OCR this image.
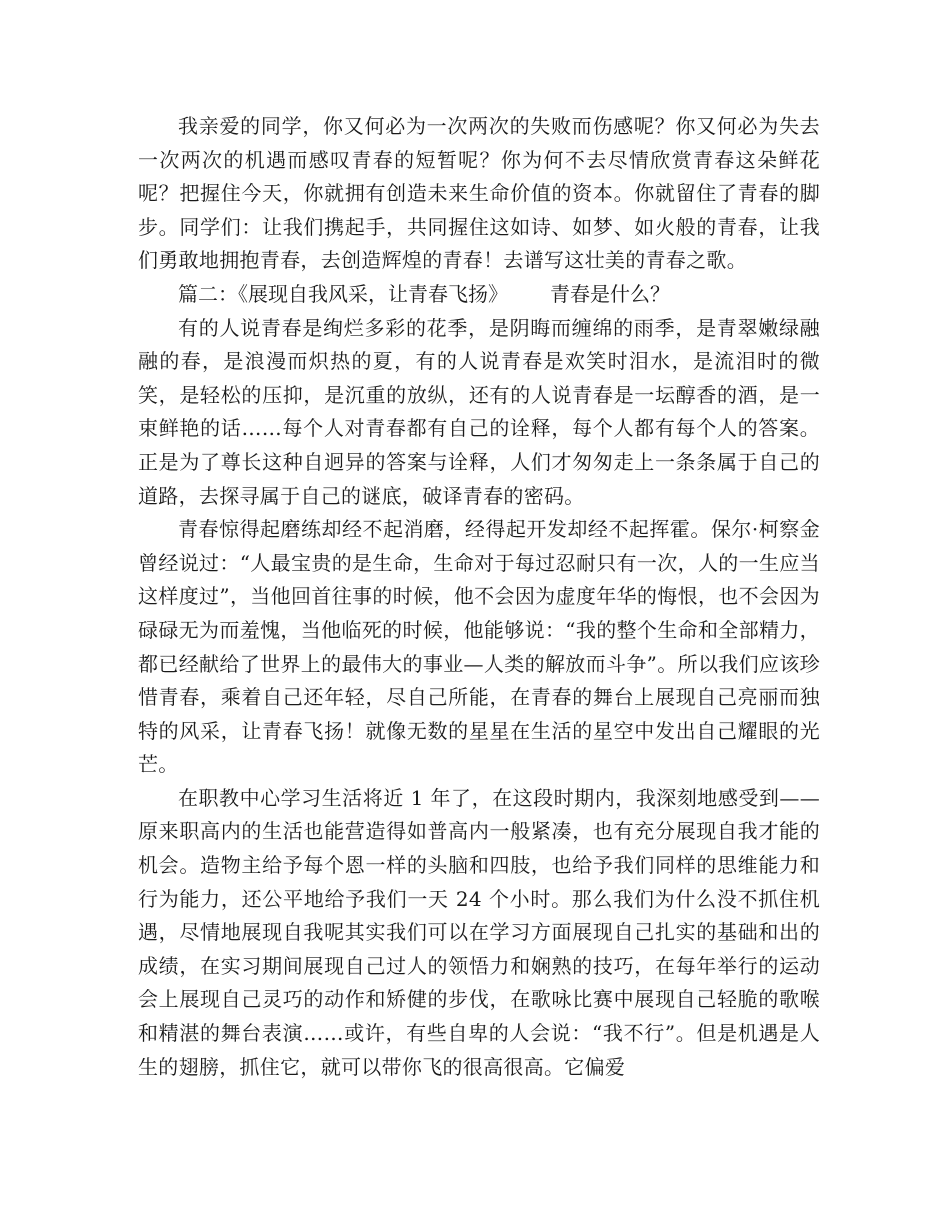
我亲爱的同学，你又何必为一次两次的失败而伤感呢？你又何必为失去一次两次的机遇而感叹青春的短暂呢？你为何不去尽情欣赏青春这朵鲜花呢？把握住今天，你就拥有创造未来生命价值的资本。你就留住了青春的脚步。同学们：让我们携起手，共同握住这如诗、如梦、如火般的青春，让我们勇敢地拥抱青春，去创造辉煌的青春！去谱写这壮美的青春之歌。

篇二：《展现自我风采，让青春飞扬》 青春是什么？

有的人说青春是绚烂多彩的花季，是阴晦而缠绵的雨季，是青翠嫩绿融融的春，是浪漫而炽热的夏，有的人说青春是欢笑时泪水，是流泪时的微笑，是轻松的压抑，是沉重的放纵，还有的人说青春是一坛醇香的酒，是一束鲜艳的话……每个人对青春都有自己的诠释，每个人都有每个人的答案。正是为了尊长这种自迥异的答案与诠释，人们才匆匆走上一条条属于自己的道路，去探寻属于自己的谜底，破译青春的密码。

青春惊得起磨练却经不起消磨，经得起开发却经不起挥霍。保尔·柯察金曾经说过：“人最宝贵的是生命，生命对于每过忍耐只有一次，人的一生应当这样度过”，当他回首往事的时候，他不会因为虚度年华的悔恨，也不会因为碌碌无为而羞愧，当他临死的时候，他能够说：“我的整个生命和全部精力，都已经献给了世界上的最伟大的事业—人类的解放而斗争”。所以我们应该珍惜青春，乘着自己还年轻，尽自己所能，在青春的舞台上展现自己亮丽而独特的风采，让青春飞扬！就像无数的星星在生活的星空中发出自己耀眼的光芒。

在职教中心学习生活将近 1 年了，在这段时期内，我深刻地感受到——原来职高内的生活也能营造得如普高内一般紧凑，也有充分展现自我才能的机会。造物主给予每个恩一样的头脑和四肢，也给予我们同样的思维能力和行为能力，还公平地给予我们一天 24 个小时。那么我们为什么没不抓住机遇，尽情地展现自我呢其实我们可以在学习方面展现自己扎实的基础和出的成绩，在实习期间展现自己过人的领悟力和娴熟的技巧，在每年举行的运动会上展现自己灵巧的动作和矫健的步伐，在歌咏比赛中展现自己轻脆的歌喉和精湛的舞台表演……或许，有些自卑的人会说：“我不行”。但是机遇是人生的翅膀，抓住它，就可以带你飞的很高很高。它偏爱
